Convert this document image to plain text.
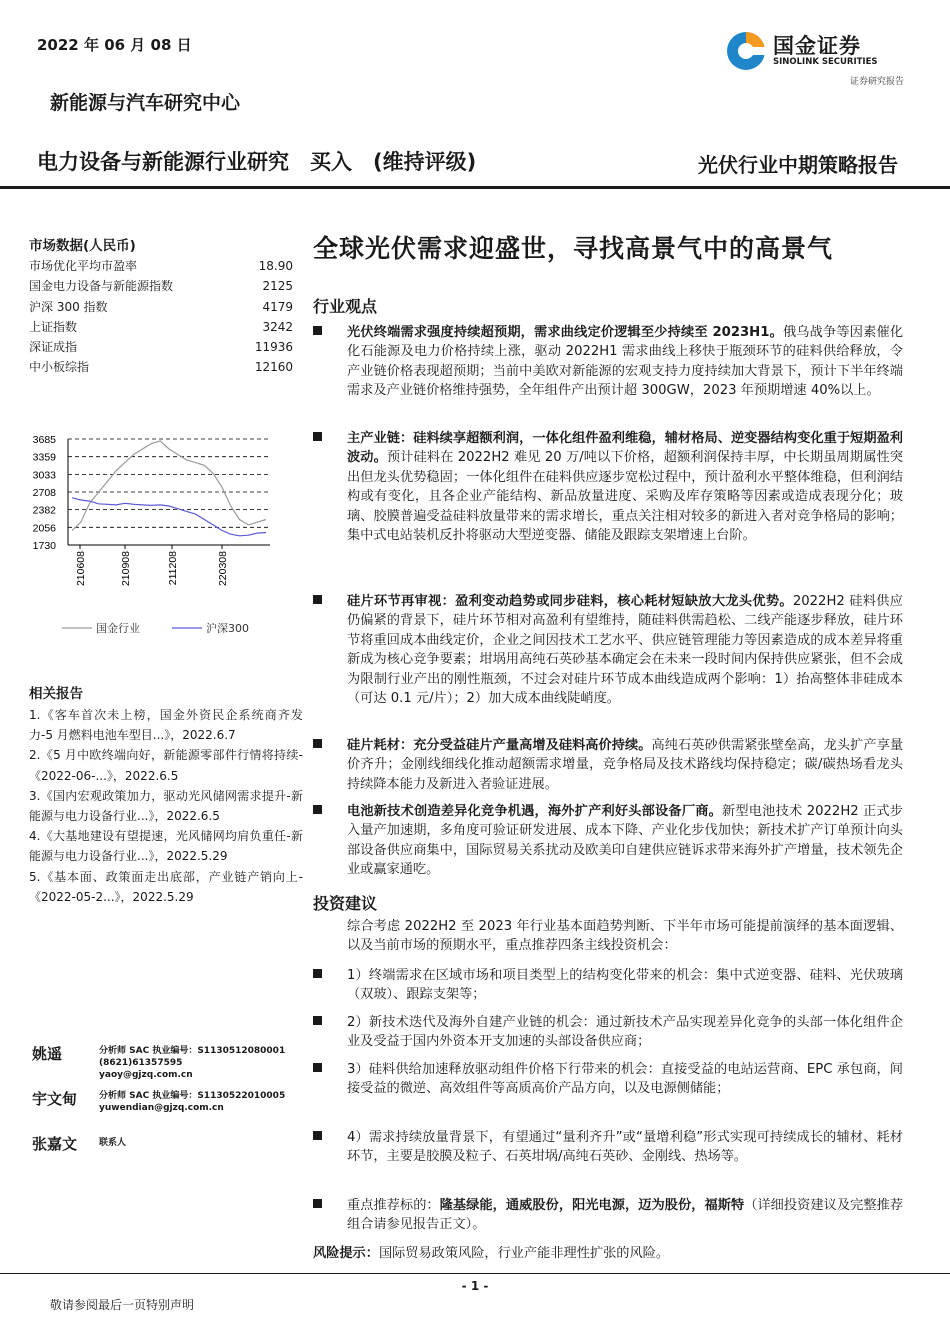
2022 年 06 月 08 日	国金证券
SINOLINK SECURITIES
证券研究报告
新能源与汽车研究中心
电力设备与新能源行业研究　买入　(维持评级)	光伏行业中期策略报告
市场数据(人民币)
市场优化平均市盈率	18.90
国金电力设备与新能源指数	2125
沪深 300 指数	4179
上证指数	3242
深证成指	11936
中小板综指	12160
3685
3359
3033
2708
2382
2056
1730
210608	210908	211208	220308
国金行业	沪深300
相关报告
1.《客车首次未上榜，国金外资民企系统商齐发力-5 月燃料电池车型目...》，2022.6.7
2.《5 月中欧终端向好，新能源零部件行情将持续-《2022-06-...》，2022.6.5
3.《国内宏观政策加力，驱动光风储网需求提升-新能源与电力设备行业...》，2022.6.5
4.《大基地建设有望提速，光风储网均肩负重任-新能源与电力设备行业...》，2022.5.29
5.《基本面、政策面走出底部，产业链产销向上-《2022-05-2...》，2022.5.29
姚遥	分析师 SAC 执业编号：S1130512080001
(8621)61357595
yaoy@gjzq.com.cn
宇文甸 分析师 SAC 执业编号：S1130522010005
yuwendian@gjzq.com.cn
张嘉文 联系人
全球光伏需求迎盛世，寻找高景气中的高景气
行业观点
光伏终端需求强度持续超预期，需求曲线定价逻辑至少持续至 2023H1。俄乌战争等因素催化化石能源及电力价格持续上涨，驱动 2022H1 需求曲线上移快于瓶颈环节的硅料供给释放，令产业链价格表现超预期；当前中美欧对新能源的宏观支持力度持续加大背景下，预计下半年终端需求及产业链价格维持强势，全年组件产出预计超 300GW，2023 年预期增速 40%以上。
主产业链：硅料续享超额利润，一体化组件盈利维稳，辅材格局、逆变器结构变化重于短期盈利波动。预计硅料在 2022H2 难见 20 万/吨以下价格，超额利润保持丰厚，中长期虽周期属性突出但龙头优势稳固；一体化组件在硅料供应逐步宽松过程中，预计盈利水平整体维稳，但利润结构或有变化，且各企业产能结构、新品放量进度、采购及库存策略等因素或造成表现分化；玻璃、胶膜普遍受益硅料放量带来的需求增长，重点关注相对较多的新进入者对竞争格局的影响；集中式电站装机反扑将驱动大型逆变器、储能及跟踪支架增速上台阶。
硅片环节再审视：盈利变动趋势或同步硅料，核心耗材短缺放大龙头优势。2022H2 硅料供应仍偏紧的背景下，硅片环节相对高盈利有望维持，随硅料供需趋松、二线产能逐步释放，硅片环节将重回成本曲线定价，企业之间因技术工艺水平、供应链管理能力等因素造成的成本差异将重新成为核心竞争要素；坩埚用高纯石英砂基本确定会在未来一段时间内保持供应紧张，但不会成为限制行业产出的刚性瓶颈，不过会对硅片环节成本曲线造成两个影响：1）抬高整体非硅成本（可达 0.1 元/片）；2）加大成本曲线陡峭度。
硅片耗材：充分受益硅片产量高增及硅料高价持续。高纯石英砂供需紧张壁垒高，龙头扩产享量价齐升；金刚线细线化推动超额需求增量，竞争格局及技术路线均保持稳定；碳/碳热场看龙头持续降本能力及新进入者验证进展。
电池新技术创造差异化竞争机遇，海外扩产利好头部设备厂商。新型电池技术 2022H2 正式步入量产加速期，多角度可验证研发进展、成本下降、产业化步伐加快；新技术扩产订单预计向头部设备供应商集中，国际贸易关系扰动及欧美印自建供应链诉求带来海外扩产增量，技术领先企业或赢家通吃。
投资建议
综合考虑 2022H2 至 2023 年行业基本面趋势判断、下半年市场可能提前演绎的基本面逻辑、以及当前市场的预期水平，重点推荐四条主线投资机会：
1）终端需求在区域市场和项目类型上的结构变化带来的机会：集中式逆变器、硅料、光伏玻璃（双玻）、跟踪支架等；
2）新技术迭代及海外自建产业链的机会：通过新技术产品实现差异化竞争的头部一体化组件企业及受益于国内外资本开支加速的头部设备供应商；
3）硅料供给加速释放驱动组件价格下行带来的机会：直接受益的电站运营商、EPC 承包商，间接受益的微逆、高效组件等高质高价产品方向，以及电源侧储能；
4）需求持续放量背景下，有望通过“量利齐升”或“量增利稳”形式实现可持续成长的辅材、耗材环节，主要是胶膜及粒子、石英坩埚/高纯石英砂、金刚线、热场等。
重点推荐标的：隆基绿能，通威股份，阳光电源，迈为股份，福斯特（详细投资建议及完整推荐组合请参见报告正文）。
风险提示：国际贸易政策风险，行业产能非理性扩张的风险。
- 1 -
敬请参阅最后一页特别声明
